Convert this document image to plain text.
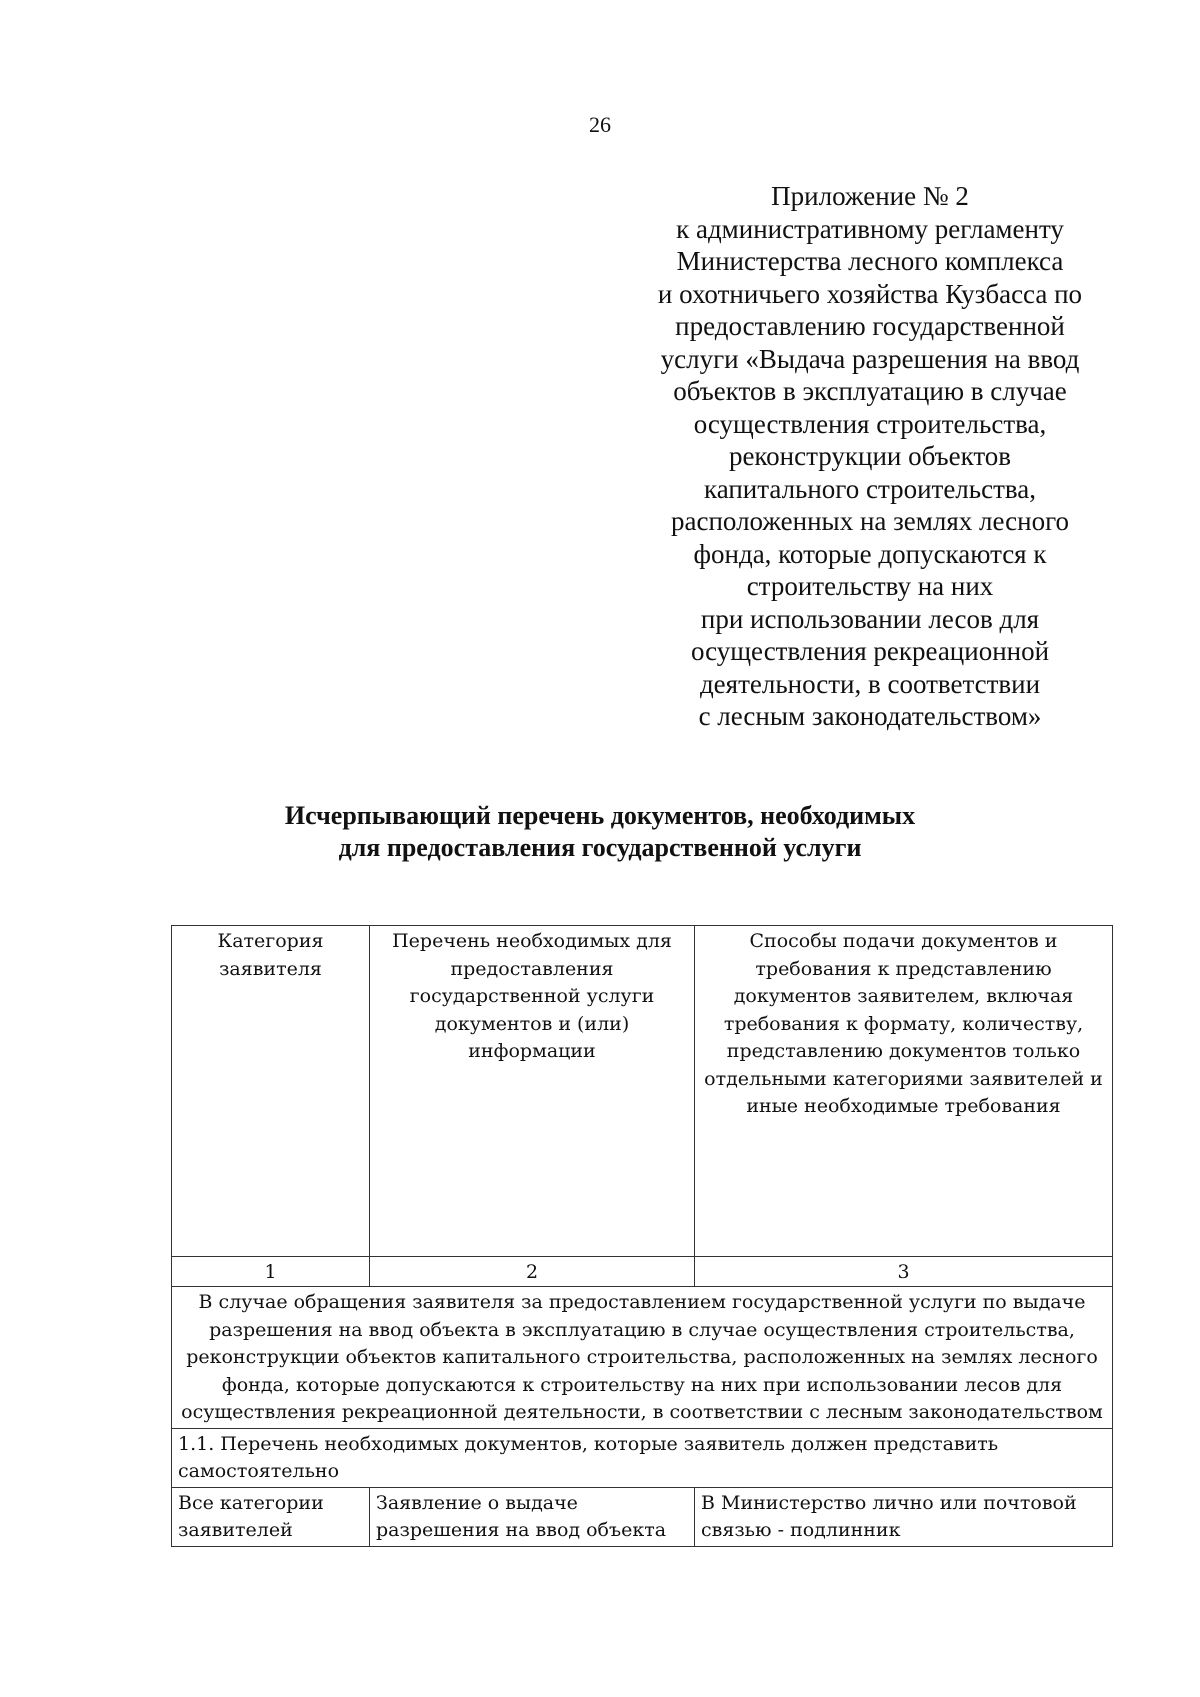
26
Приложение № 2
к административному регламенту
Министерства лесного комплекса
и охотничьего хозяйства Кузбасса по
предоставлению государственной
услуги «Выдача разрешения на ввод
объектов в эксплуатацию в случае
осуществления строительства,
реконструкции объектов
капитального строительства,
расположенных на землях лесного
фонда, которые допускаются к
строительству на них
при использовании лесов для
осуществления рекреационной
деятельности, в соответствии
с лесным законодательством»
Исчерпывающий перечень документов, необходимых
для предоставления государственной услуги
Категория заявителя	Перечень необходимых для предоставления государственной услуги документов и (или) информации	Способы подачи документов и требования к представлению документов заявителем, включая требования к формату, количеству, представлению документов только отдельными категориями заявителей и иные необходимые требования
1	2	3
В случае обращения заявителя за предоставлением государственной услуги по выдаче разрешения на ввод объекта в эксплуатацию в случае осуществления строительства, реконструкции объектов капитального строительства, расположенных на землях лесного фонда, которые допускаются к строительству на них при использовании лесов для осуществления рекреационной деятельности, в соответствии с лесным законодательством		
1.1. Перечень необходимых документов, которые заявитель должен представить самостоятельно		
Все категории заявителей	Заявление о выдаче разрешения на ввод объекта	В Министерство лично или почтовой связью - подлинник
